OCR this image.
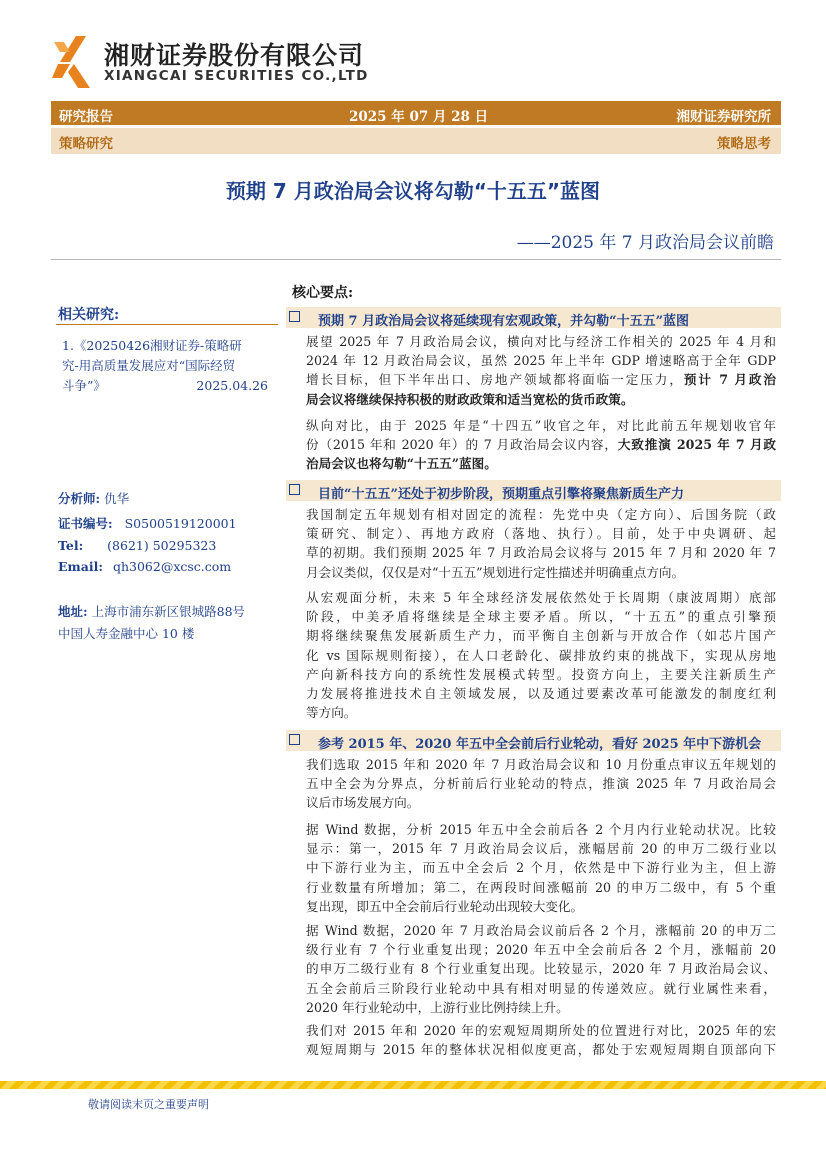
湘财证券股份有限公司
XIANGCAI SECURITIES CO.,LTD
研究报告	2025 年 07 月 28 日	湘财证券研究所
策略研究	策略思考
预期 7 月政治局会议将勾勒“十五五”蓝图
——2025 年 7 月政治局会议前瞻
相关研究:
1.《20250426湘财证券-策略研
究-用高质量发展应对“国际经贸
斗争”》	2025.04.26
分析师: 仇华
证书编号: S0500519120001
Tel: (8621) 50295323
Email: qh3062@xcsc.com
地址: 上海市浦东新区银城路88号
中国人寿金融中心 10 楼
核心要点:
预期 7 月政治局会议将延续现有宏观政策，并勾勒“十五五”蓝图
展望 2025 年 7 月政治局会议，横向对比与经济工作相关的 2025 年 4 月和
2024 年 12 月政治局会议，虽然 2025 年上半年 GDP 增速略高于全年 GDP
增长目标，但下半年出口、房地产领域都将面临一定压力，预计 7 月政治
局会议将继续保持积极的财政政策和适当宽松的货币政策。
纵向对比，由于 2025 年是“十四五”收官之年，对比此前五年规划收官年
份（2015 年和 2020 年）的 7 月政治局会议内容，大致推演 2025 年 7 月政
治局会议也将勾勒“十五五”蓝图。
目前“十五五”还处于初步阶段，预期重点引擎将聚焦新质生产力
我国制定五年规划有相对固定的流程：先党中央（定方向）、后国务院（政
策研究、制定）、再地方政府（落地、执行）。目前，处于中央调研、起
草的初期。我们预期 2025 年 7 月政治局会议将与 2015 年 7 月和 2020 年 7
月会议类似，仅仅是对“十五五”规划进行定性描述并明确重点方向。
从宏观面分析，未来 5 年全球经济发展依然处于长周期（康波周期）底部
阶段，中美矛盾将继续是全球主要矛盾。所以，“十五五”的重点引擎预
期将继续聚焦发展新质生产力，而平衡自主创新与开放合作（如芯片国产
化 vs 国际规则衔接），在人口老龄化、碳排放约束的挑战下，实现从房地
产向新科技方向的系统性发展模式转型。投资方向上，主要关注新质生产
力发展将推进技术自主领域发展，以及通过要素改革可能激发的制度红利
等方向。
参考 2015 年、2020 年五中全会前后行业轮动，看好 2025 年中下游机会
我们选取 2015 年和 2020 年 7 月政治局会议和 10 月份重点审议五年规划的
五中全会为分界点，分析前后行业轮动的特点，推演 2025 年 7 月政治局会
议后市场发展方向。
据 Wind 数据，分析 2015 年五中全会前后各 2 个月内行业轮动状况。比较
显示：第一，2015 年 7 月政治局会议后，涨幅居前 20 的申万二级行业以
中下游行业为主，而五中全会后 2 个月，依然是中下游行业为主，但上游
行业数量有所增加；第二，在两段时间涨幅前 20 的申万二级中，有 5 个重
复出现，即五中全会前后行业轮动出现较大变化。
据 Wind 数据，2020 年 7 月政治局会议前后各 2 个月，涨幅前 20 的申万二
级行业有 7 个行业重复出现；2020 年五中全会前后各 2 个月，涨幅前 20
的申万二级行业有 8 个行业重复出现。比较显示，2020 年 7 月政治局会议、
五全会前后三阶段行业轮动中具有相对明显的传递效应。就行业属性来看，
2020 年行业轮动中，上游行业比例持续上升。
我们对 2015 年和 2020 年的宏观短周期所处的位置进行对比，2025 年的宏
观短周期与 2015 年的整体状况相似度更高，都处于宏观短周期自顶部向下
敬请阅读末页之重要声明
